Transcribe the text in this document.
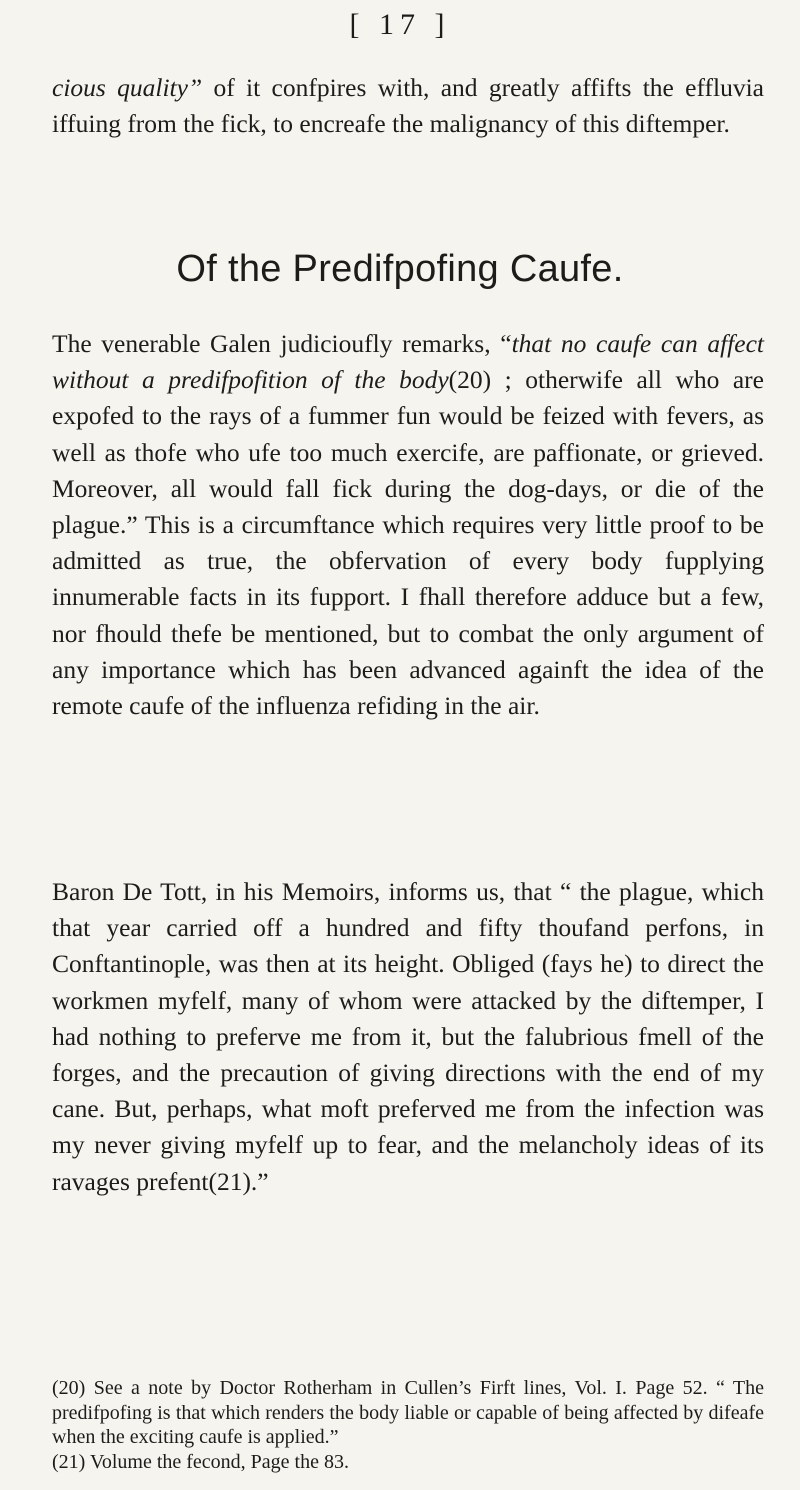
[ 17 ]
cious quality” of it confpires with, and greatly affifts the effluvia iffuing from the fick, to encreafe the malignancy of this diftemper.
Of the Predifpofing Caufe.
The venerable Galen judicioufly remarks, “that no caufe can affect without a predifpofition of the body(20) ; otherwife all who are expofed to the rays of a fummer fun would be feized with fevers, as well as thofe who ufe too much exercife, are paffionate, or grieved. Moreover, all would fall fick during the dog-days, or die of the plague.” This is a circumftance which requires very little proof to be admitted as true, the obfervation of every body fupplying innumerable facts in its fupport. I fhall therefore adduce but a few, nor fhould thefe be mentioned, but to combat the only argument of any importance which has been advanced againft the idea of the remote caufe of the influenza refiding in the air.
Baron De Tott, in his Memoirs, informs us, that “ the plague, which that year carried off a hundred and fifty thoufand perfons, in Conftantinople, was then at its height. Obliged (fays he) to direct the workmen myfelf, many of whom were attacked by the diftemper, I had nothing to preferve me from it, but the falubrious fmell of the forges, and the precaution of giving directions with the end of my cane. But, perhaps, what moft preferved me from the infection was my never giving myfelf up to fear, and the melancholy ideas of its ravages prefent(21).”

(20) See a note by Doctor Rotherham in Cullen’s Firft lines, Vol. I. Page 52. “ The predifpofing is that which renders the body liable or capable of being affected by difeafe when the exciting caufe is applied.”

(21) Volume the fecond, Page the 83.
